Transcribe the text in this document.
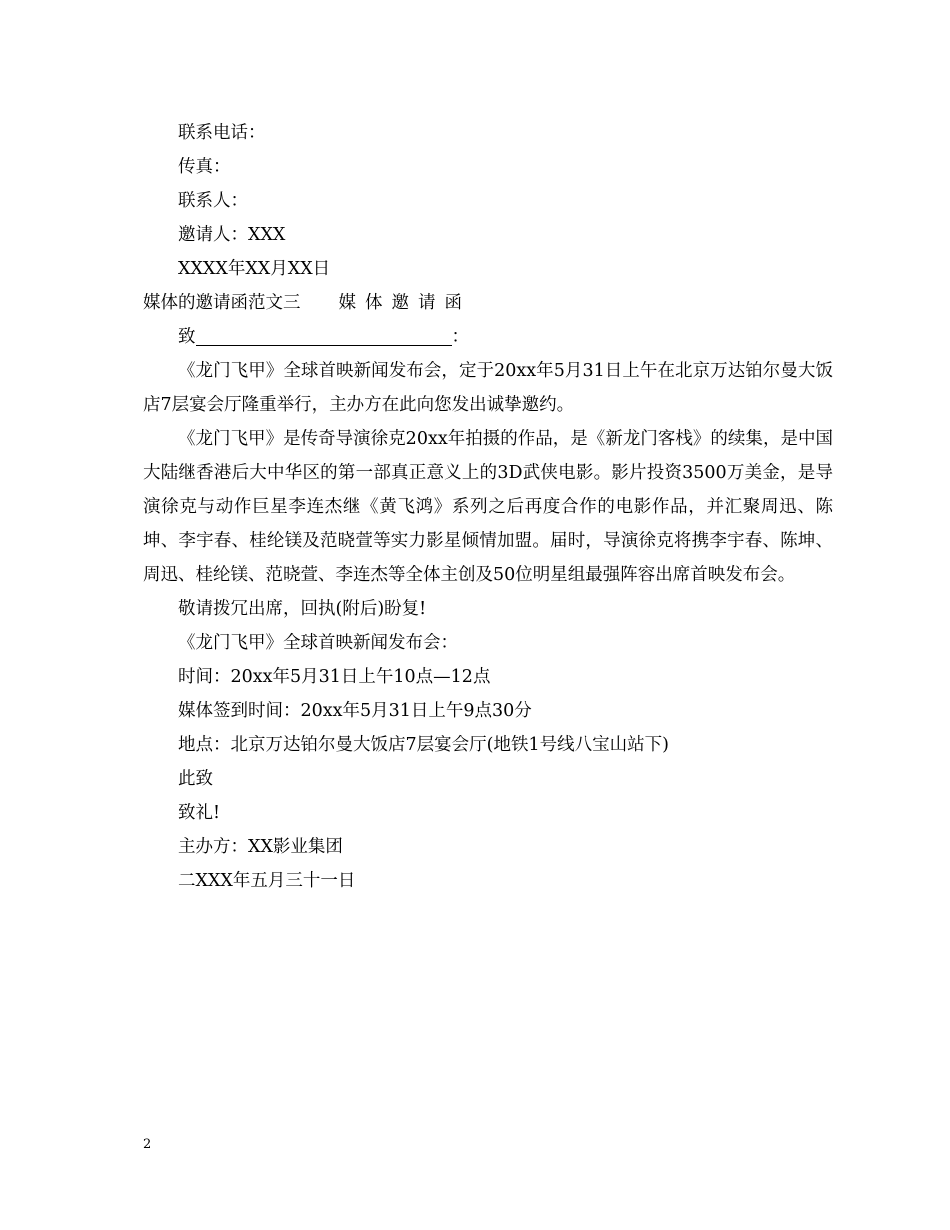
联系电话：
传真：
联系人：
邀请人：XXX
XXXX年XX月XX日
媒体的邀请函范文三 媒体邀请函
致	：

《龙门飞甲》全球首映新闻发布会，定于20xx年5月31日上午在北京万达铂尔曼大饭店7层宴会厅隆重举行，主办方在此向您发出诚挚邀约。

《龙门飞甲》是传奇导演徐克20xx年拍摄的作品，是《新龙门客栈》的续集，是中国大陆继香港后大中华区的第一部真正意义上的3D武侠电影。影片投资3500万美金，是导演徐克与动作巨星李连杰继《黄飞鸿》系列之后再度合作的电影作品，并汇聚周迅、陈坤、李宇春、桂纶镁及范晓萱等实力影星倾情加盟。届时，导演徐克将携李宇春、陈坤、周迅、桂纶镁、范晓萱、李连杰等全体主创及50位明星组最强阵容出席首映发布会。

敬请拨冗出席，回执(附后)盼复!
《龙门飞甲》全球首映新闻发布会：
时间：20xx年5月31日上午10点—12点
媒体签到时间：20xx年5月31日上午9点30分
地点：北京万达铂尔曼大饭店7层宴会厅(地铁1号线八宝山站下)
此致
致礼!
主办方：XX影业集团
二XXX年五月三十一日
2
